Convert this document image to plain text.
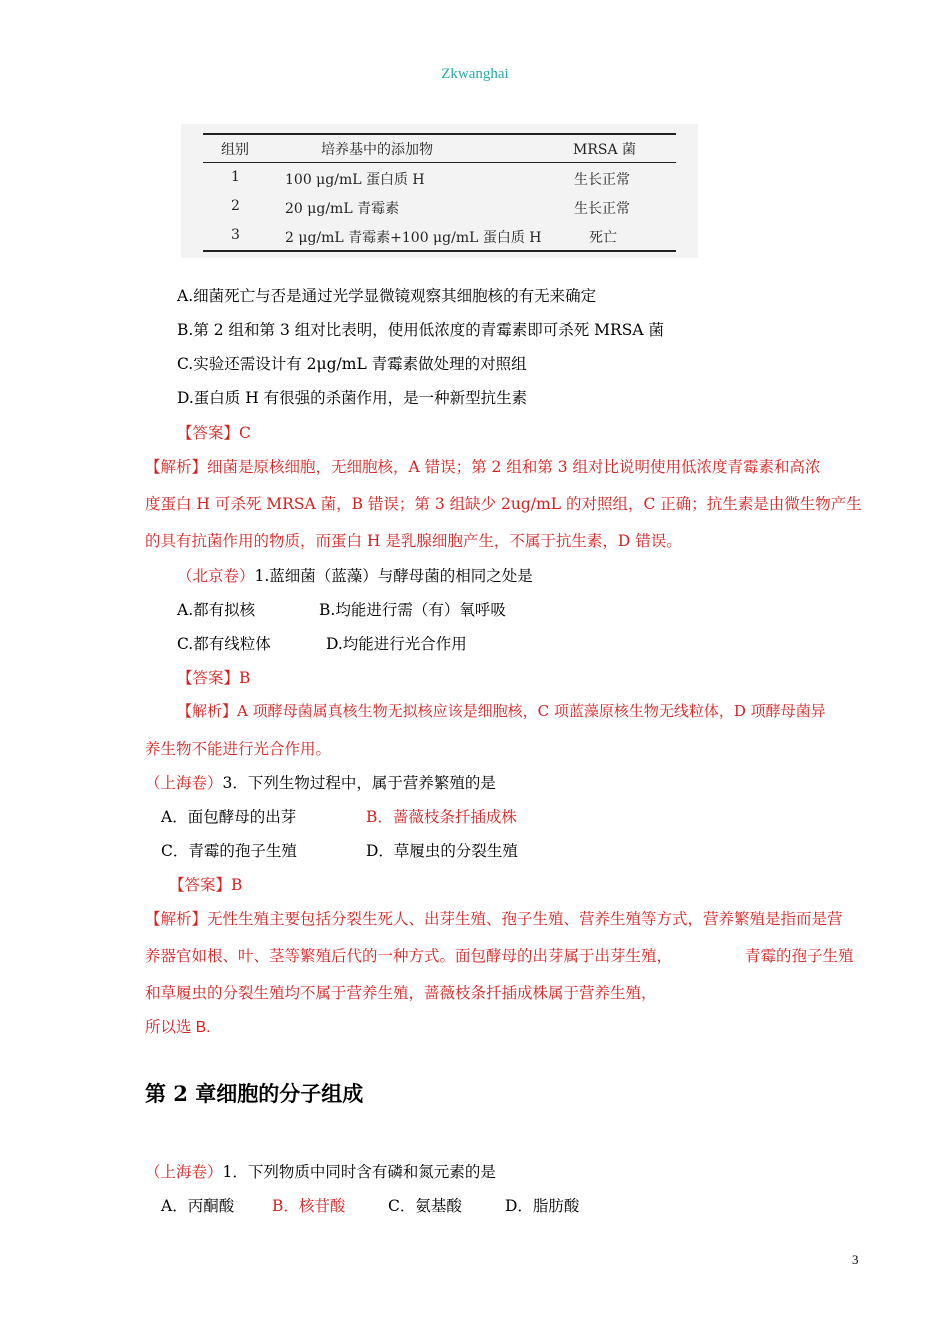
Zkwanghai
组别	培养基中的添加物	MRSA 菌
1	100 μg/mL 蛋白质 H	生长正常
2	20 μg/mL 青霉素	生长正常
3	2 μg/mL 青霉素+100 μg/mL 蛋白质 H	死亡
A.细菌死亡与否是通过光学显微镜观察其细胞核的有无来确定
B.第 2 组和第 3 组对比表明，使用低浓度的青霉素即可杀死 MRSA 菌
C.实验还需设计有 2μg/mL 青霉素做处理的对照组
D.蛋白质 H 有很强的杀菌作用，是一种新型抗生素
【答案】C
【解析】细菌是原核细胞，无细胞核，A 错误；第 2 组和第 3 组对比说明使用低浓度青霉素和高浓
度蛋白 H 可杀死 MRSA 菌，B 错误；第 3 组缺少 2ug/mL 的对照组，C 正确；抗生素是由微生物产生
的具有抗菌作用的物质，而蛋白 H 是乳腺细胞产生，不属于抗生素，D 错误。
（北京卷）1.蓝细菌（蓝藻）与酵母菌的相同之处是
A.都有拟核	B.均能进行需（有）氧呼吸
C.都有线粒体	D.均能进行光合作用
【答案】B
【解析】A 项酵母菌属真核生物无拟核应该是细胞核，C 项蓝藻原核生物无线粒体，D 项酵母菌异
养生物不能进行光合作用。
（上海卷）3．下列生物过程中，属于营养繁殖的是
A．面包酵母的出芽	B．蔷薇枝条扦插成株
C．青霉的孢子生殖	D．草履虫的分裂生殖
【答案】B
【解析】无性生殖主要包括分裂生死人、出芽生殖、孢子生殖、营养生殖等方式，营养繁殖是指而是营
养器官如根、叶、茎等繁殖后代的一种方式。面包酵母的出芽属于出芽生殖，	青霉的孢子生殖
和草履虫的分裂生殖均不属于营养生殖，蔷薇枝条扦插成株属于营养生殖，
所以选 B.
第 2 章细胞的分子组成
（上海卷）1．下列物质中同时含有磷和氮元素的是
A．丙酮酸 B．核苷酸	C．氨基酸	D．脂肪酸
3
